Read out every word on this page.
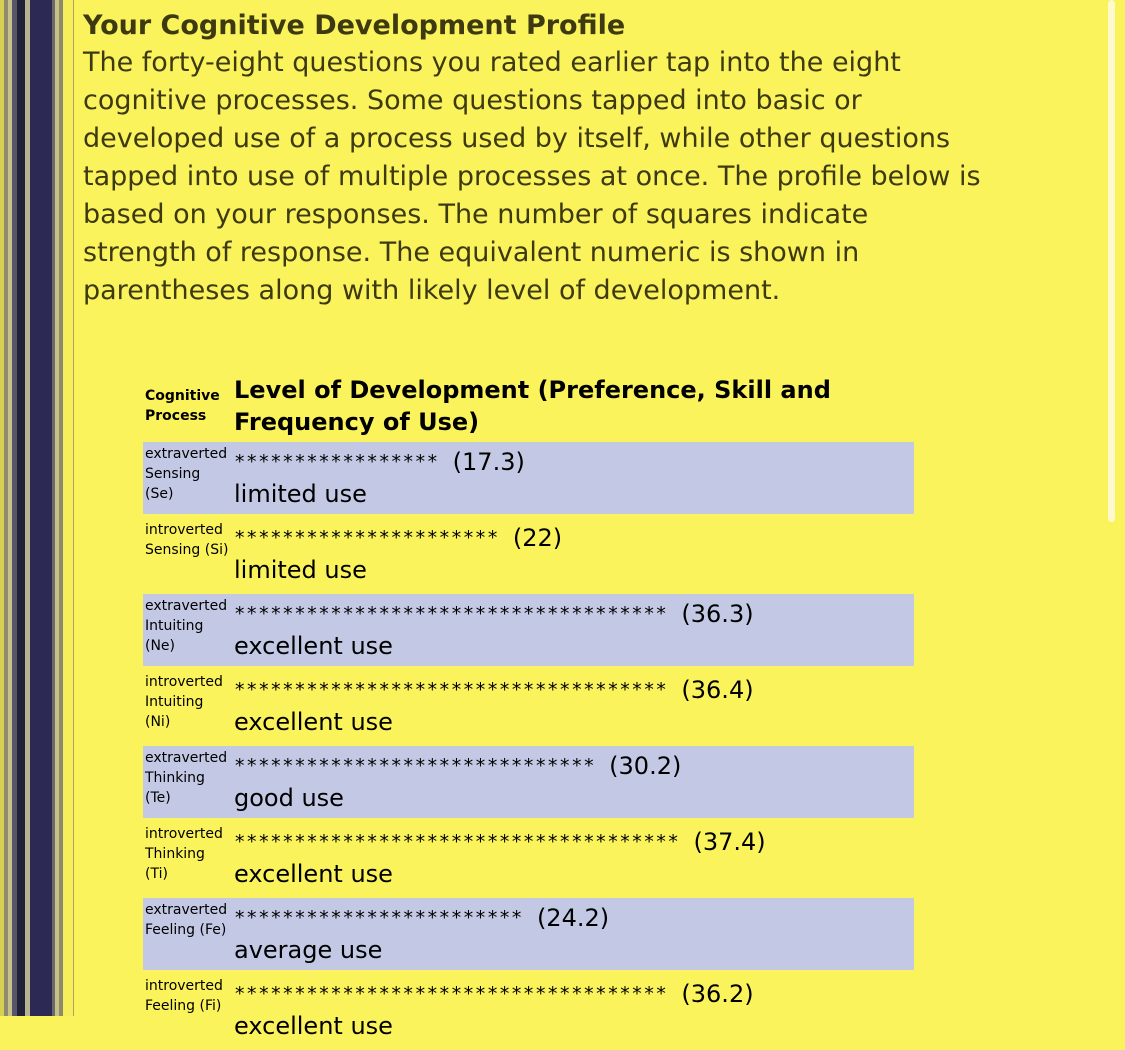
Your Cognitive Development Profile

The forty-eight questions you rated earlier tap into the eight cognitive processes. Some questions tapped into basic or developed use of a process used by itself, while other questions tapped into use of multiple processes at once. The profile below is based on your responses. The number of squares indicate strength of response. The equivalent numeric is shown in parentheses along with likely level of development.

Cognitive Process	Level of Development (Preference, Skill and Frequency of Use)
extraverted Sensing (Se)	***************** (17.3)
limited use

introverted Sensing (Si)	********************** (22)
limited use

extraverted Intuiting (Ne)	************************************ (36.3)
excellent use

introverted Intuiting (Ni)	************************************ (36.4)
excellent use

extraverted Thinking (Te)	****************************** (30.2)
good use

introverted Thinking (Ti)	************************************* (37.4)
excellent use

extraverted Feeling (Fe)	************************ (24.2)
average use

introverted Feeling (Fi)	************************************ (36.2)
excellent use
